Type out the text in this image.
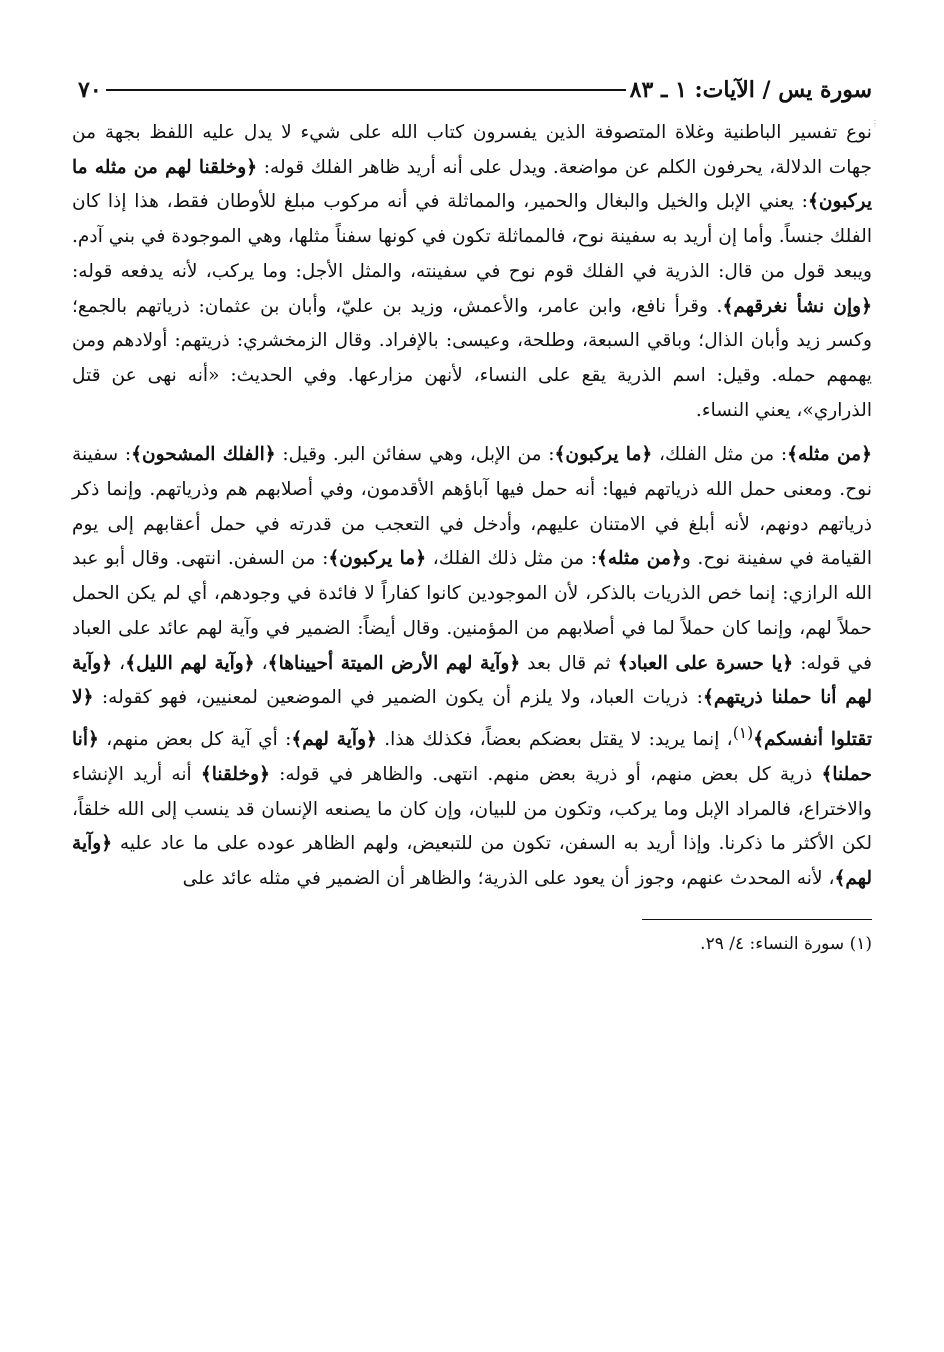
⋮
سورة يس / الآيات: ١ ـ ٨٣
٧٠

نوع تفسير الباطنية وغلاة المتصوفة الذين يفسرون كتاب الله على شيء لا يدل عليه اللفظ بجهة من جهات الدلالة، يحرفون الكلم عن مواضعة. ويدل على أنه أريد ظاهر الفلك قوله: ﴿وخلقنا لهم من مثله ما يركبون﴾: يعني الإبل والخيل والبغال والحمير، والمماثلة في أنه مركوب مبلغ للأوطان فقط، هذا إذا كان الفلك جنساً. وأما إن أريد به سفينة نوح، فالمماثلة تكون في كونها سفناً مثلها، وهي الموجودة في بني آدم. ويبعد قول من قال: الذرية في الفلك قوم نوح في سفينته، والمثل الأجل: وما يركب، لأنه يدفعه قوله: ﴿وإن نشأ نغرقهم﴾. وقرأ نافع، وابن عامر، والأعمش، وزيد بن عليّ، وأبان بن عثمان: ذرياتهم بالجمع؛ وكسر زيد وأبان الذال؛ وباقي السبعة، وطلحة، وعيسى: بالإفراد. وقال الزمخشري: ذريتهم: أولادهم ومن يهمهم حمله. وقيل: اسم الذرية يقع على النساء، لأنهن مزارعها. وفي الحديث: «أنه نهى عن قتل الذراري»، يعني النساء.

﴿من مثله﴾: من مثل الفلك، ﴿ما يركبون﴾: من الإبل، وهي سفائن البر. وقيل: ﴿الفلك المشحون﴾: سفينة نوح. ومعنى حمل الله ذرياتهم فيها: أنه حمل فيها آباؤهم الأقدمون، وفي أصلابهم هم وذرياتهم. وإنما ذكر ذرياتهم دونهم، لأنه أبلغ في الامتنان عليهم، وأدخل في التعجب من قدرته في حمل أعقابهم إلى يوم القيامة في سفينة نوح. و﴿من مثله﴾: من مثل ذلك الفلك، ﴿ما يركبون﴾: من السفن. انتهى. وقال أبو عبد الله الرازي: إنما خص الذريات بالذكر، لأن الموجودين كانوا كفاراً لا فائدة في وجودهم، أي لم يكن الحمل حملاً لهم، وإنما كان حملاً لما في أصلابهم من المؤمنين. وقال أيضاً: الضمير في وآية لهم عائد على العباد في قوله: ﴿يا حسرة على العباد﴾ ثم قال بعد ﴿وآية لهم الأرض الميتة أحييناها﴾، ﴿وآية لهم الليل﴾، ﴿وآية لهم أنا حملنا ذريتهم﴾: ذريات العباد، ولا يلزم أن يكون الضمير في الموضعين لمعنيين، فهو كقوله: ﴿لا تقتلوا أنفسكم﴾$^{(١)}$، إنما يريد: لا يقتل بعضكم بعضاً، فكذلك هذا. ﴿وآية لهم﴾: أي آية كل بعض منهم، ﴿أنا حملنا﴾ ذرية كل بعض منهم، أو ذرية بعض منهم. انتهى. والظاهر في قوله: ﴿وخلقنا﴾ أنه أريد الإنشاء والاختراع، فالمراد الإبل وما يركب، وتكون من للبيان، وإن كان ما يصنعه الإنسان قد ينسب إلى الله خلقاً، لكن الأكثر ما ذكرنا. وإذا أريد به السفن، تكون من للتبعيض، ولهم الظاهر عوده على ما عاد عليه ﴿وآية لهم﴾، لأنه المحدث عنهم، وجوز أن يعود على الذرية؛ والظاهر أن الضمير في مثله عائد على

(١) سورة النساء: ٤/ ٢٩.
